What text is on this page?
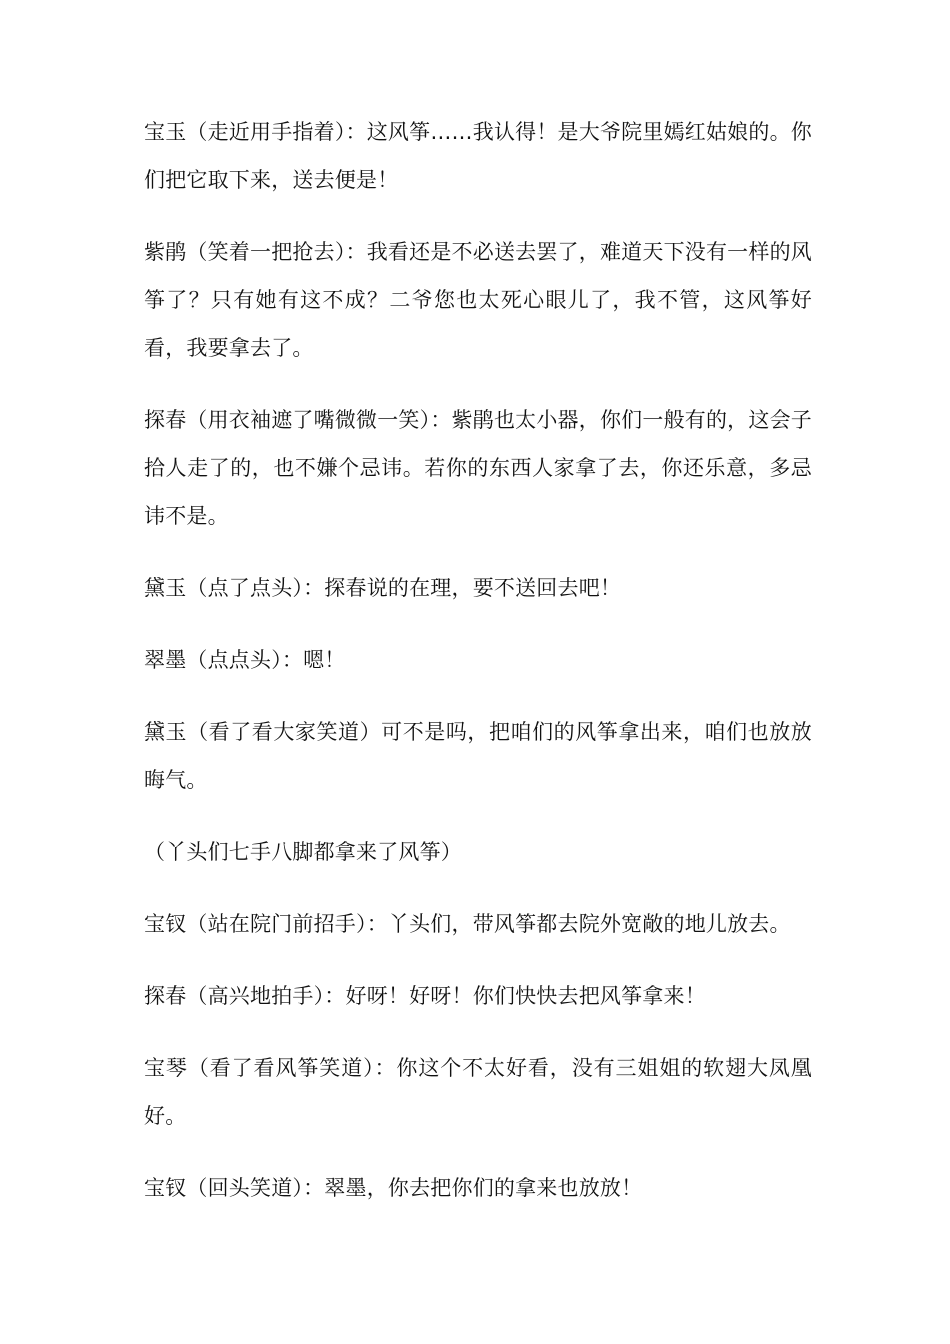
宝玉（走近用手指着）：这风筝……我认得！是大爷院里嫣红姑娘的。你们把它取下来，送去便是！

紫鹃（笑着一把抢去）：我看还是不必送去罢了，难道天下没有一样的风筝了？只有她有这不成？二爷您也太死心眼儿了，我不管，这风筝好看，我要拿去了。

探春（用衣袖遮了嘴微微一笑）：紫鹃也太小器，你们一般有的，这会子拾人走了的，也不嫌个忌讳。若你的东西人家拿了去，你还乐意，多忌讳不是。

黛玉（点了点头）：探春说的在理，要不送回去吧！

翠墨（点点头）：嗯！

黛玉（看了看大家笑道）可不是吗，把咱们的风筝拿出来，咱们也放放晦气。

（丫头们七手八脚都拿来了风筝）

宝钗（站在院门前招手）：丫头们，带风筝都去院外宽敞的地儿放去。

探春（高兴地拍手）：好呀！好呀！你们快快去把风筝拿来！

宝琴（看了看风筝笑道）：你这个不太好看，没有三姐姐的软翅大凤凰好。

宝钗（回头笑道）：翠墨，你去把你们的拿来也放放！
